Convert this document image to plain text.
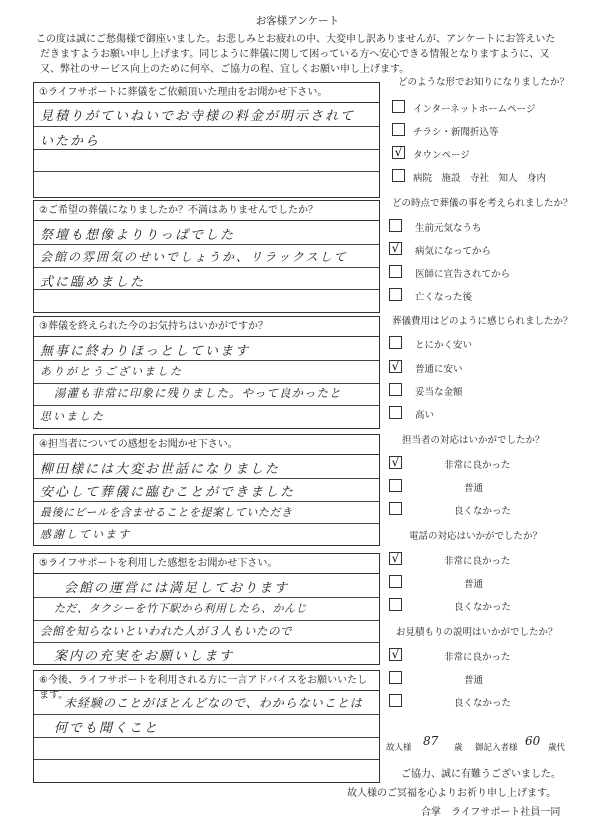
お客様アンケート
この度は誠にご愁傷様で御座いました。お悲しみとお疲れの中、大変申し訳ありませんが、アンケートにお答えいた
だきますようお願い申し上げます。同じように葬儀に関して困っている方へ安心できる情報となりますように、又
又、弊社のサービス向上のために何卒、ご協力の程、宜しくお願い申し上げます。
①ライフサポートに葬儀をご依頼頂いた理由をお聞かせ下さい。
見積りがていねいでお寺様の料金が明示されて
いたから
②ご希望の葬儀になりましたか？不満はありませんでしたか？
祭壇も想像よりりっぱでした
会館の雰囲気のせいでしょうか、リラックスして
式に臨めました
③葬儀を終えられた今のお気持ちはいかがですか？
無事に終わりほっとしています
ありがとうございました
湯灌も非常に印象に残りました。やって良かったと
思いました
④担当者についての感想をお聞かせ下さい。
柳田様には大変お世話になりました
安心して葬儀に臨むことができました
最後にビールを含ませることを提案していただき
感謝しています
⑤ライフサポートを利用した感想をお聞かせ下さい。
会館の運営には満足しております
ただ、タクシーを竹下駅から利用したら、かんじ
会館を知らないといわれた人が３人もいたので
案内の充実をお願いします
⑥今後、ライフサポートを利用される方に一言アドバイスをお願いいたします。
未経験のことがほとんどなので、わからないことは
何でも聞くこと
どのような形でお知りになりましたか？
インターネットホームページ
チラシ・新聞折込等
√ タウンページ
病院　施設　寺社　知人　身内
どの時点で葬儀の事を考えられましたか？
生前元気なうち
√ 病気になってから
医師に宣告されてから
亡くなった後
葬儀費用はどのように感じられましたか？
とにかく安い
√ 普通に安い
妥当な金額
高い
担当者の対応はいかがでしたか？
√	非常に良かった
普通
良くなかった
電話の対応はいかがでしたか？
√	非常に良かった
普通
良くなかった
お見積もりの説明はいかがでしたか？
√	非常に良かった
普通
良くなかった
故人様 87 歳 御記入者様 60 歳代
ご協力、誠に有難うございました。
故人様のご冥福を心よりお祈り申し上げます。
合掌　ライフサポート社員一同
